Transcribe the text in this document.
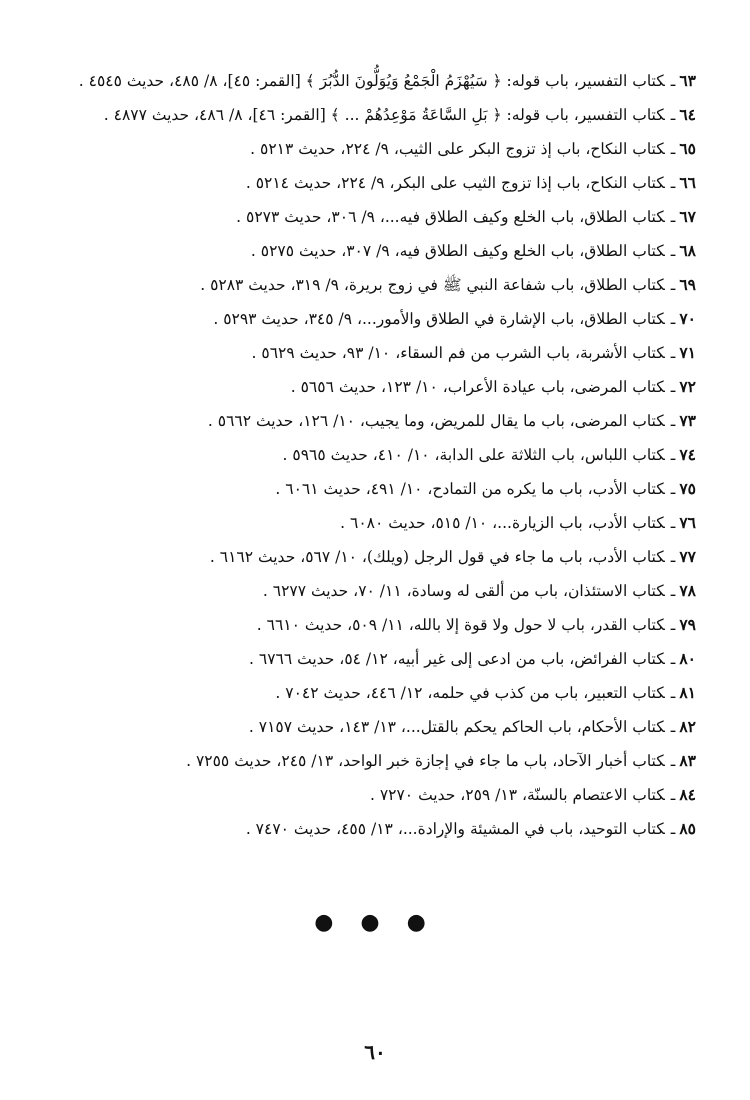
٦٣ـكتاب التفسير، باب قوله: ﴿ سَيُهْزَمُ الْجَمْعُ وَيُوَلُّونَ الدُّبُرَ ﴾ [القمر: ٤٥]، ٨/ ٤٨٥، حديث ٤٥٤٥ .

٦٤ـكتاب التفسير، باب قوله: ﴿ بَلِ السَّاعَةُ مَوْعِدُهُمْ ... ﴾ [القمر: ٤٦]، ٨/ ٤٨٦، حديث ٤٨٧٧ .

٦٥ـكتاب النكاح، باب إذ تزوج البكر على الثيب، ٩/ ٢٢٤، حديث ٥٢١٣ .

٦٦ـكتاب النكاح، باب إذا تزوج الثيب على البكر، ٩/ ٢٢٤، حديث ٥٢١٤ .

٦٧ـكتاب الطلاق، باب الخلع وكيف الطلاق فيه...، ٩/ ٣٠٦، حديث ٥٢٧٣ .

٦٨ـكتاب الطلاق، باب الخلع وكيف الطلاق فيه، ٩/ ٣٠٧، حديث ٥٢٧٥ .

٦٩ـكتاب الطلاق، باب شفاعة النبي ﷺ في زوج بريرة، ٩/ ٣١٩، حديث ٥٢٨٣ .

٧٠ـكتاب الطلاق، باب الإشارة في الطلاق والأمور...، ٩/ ٣٤٥، حديث ٥٢٩٣ .

٧١ـكتاب الأشربة، باب الشرب من فم السقاء، ١٠/ ٩٣، حديث ٥٦٢٩ .

٧٢ـكتاب المرضى، باب عيادة الأعراب، ١٠/ ١٢٣، حديث ٥٦٥٦ .

٧٣ـكتاب المرضى، باب ما يقال للمريض، وما يجيب، ١٠/ ١٢٦، حديث ٥٦٦٢ .

٧٤ـكتاب اللباس، باب الثلاثة على الدابة، ١٠/ ٤١٠، حديث ٥٩٦٥ .

٧٥ـكتاب الأدب، باب ما يكره من التمادح، ١٠/ ٤٩١، حديث ٦٠٦١ .

٧٦ـكتاب الأدب، باب الزيارة...، ١٠/ ٥١٥، حديث ٦٠٨٠ .

٧٧ـكتاب الأدب، باب ما جاء في قول الرجل (ويلك)، ١٠/ ٥٦٧، حديث ٦١٦٢ .

٧٨ـكتاب الاستئذان، باب من ألقى له وسادة، ١١/ ٧٠، حديث ٦٢٧٧ .

٧٩ـكتاب القدر، باب لا حول ولا قوة إلا بالله، ١١/ ٥٠٩، حديث ٦٦١٠ .

٨٠ـكتاب الفرائض، باب من ادعى إلى غير أبيه، ١٢/ ٥٤، حديث ٦٧٦٦ .

٨١ـكتاب التعبير، باب من كذب في حلمه، ١٢/ ٤٤٦، حديث ٧٠٤٢ .

٨٢ـكتاب الأحكام، باب الحاكم يحكم بالقتل...، ١٣/ ١٤٣، حديث ٧١٥٧ .

٨٣ـكتاب أخبار الآحاد، باب ما جاء في إجازة خبر الواحد، ١٣/ ٢٤٥، حديث ٧٢٥٥ .

٨٤ـكتاب الاعتصام بالسنّة، ١٣/ ٢٥٩، حديث ٧٢٧٠ .

٨٥ـكتاب التوحيد، باب في المشيئة والإرادة...، ١٣/ ٤٥٥، حديث ٧٤٧٠ .

● ● ●
٦٠
